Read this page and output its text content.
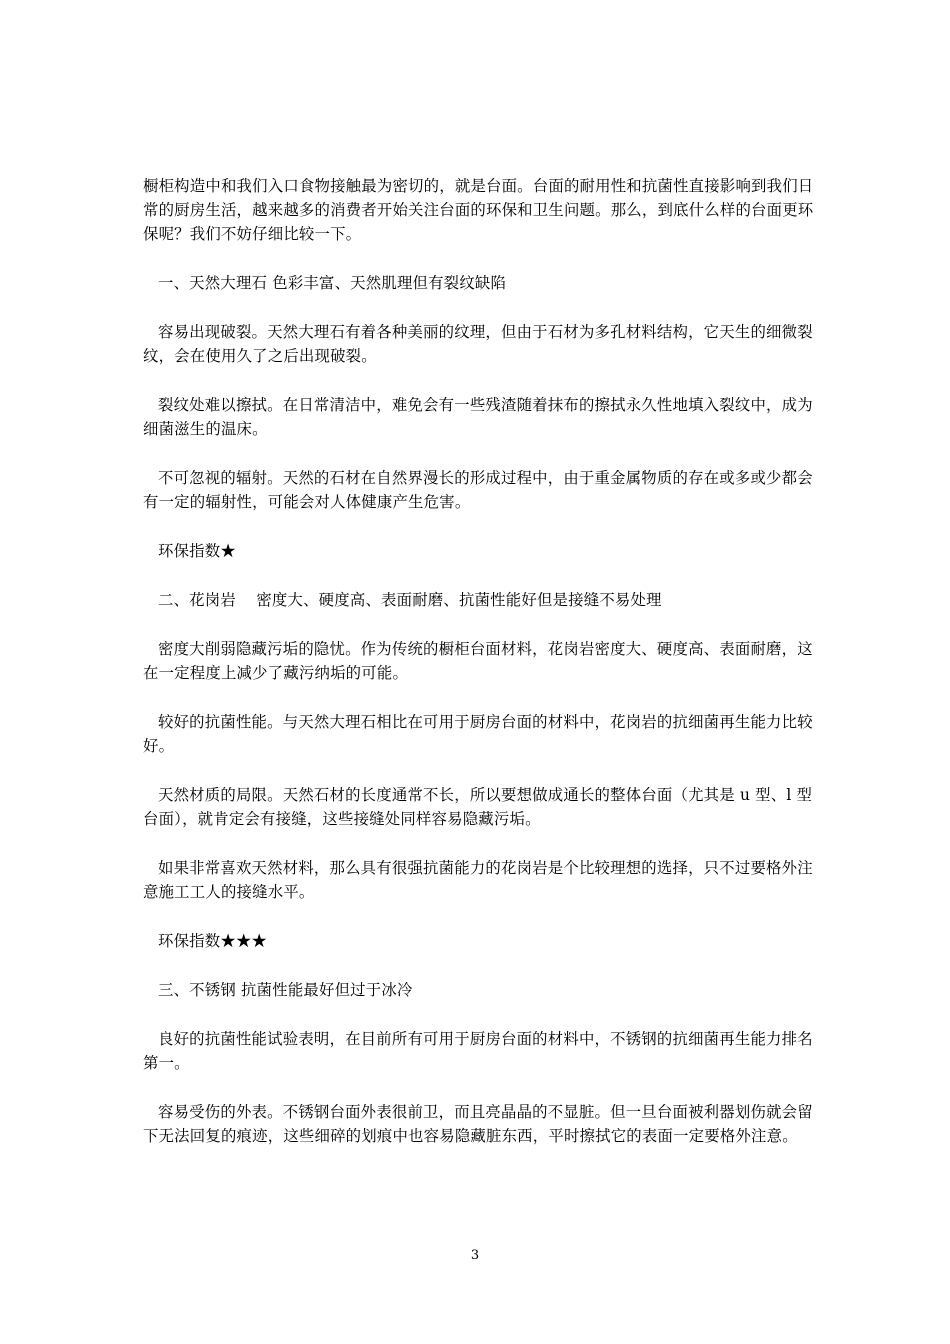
橱柜构造中和我们入口食物接触最为密切的，就是台面。台面的耐用性和抗菌性直接影响到我们日常的厨房生活，越来越多的消费者开始关注台面的环保和卫生问题。那么，到底什么样的台面更环保呢？我们不妨仔细比较一下。

一、天然大理石 色彩丰富、天然肌理但有裂纹缺陷

容易出现破裂。天然大理石有着各种美丽的纹理，但由于石材为多孔材料结构，它天生的细微裂纹，会在使用久了之后出现破裂。

裂纹处难以擦拭。在日常清洁中，难免会有一些残渣随着抹布的擦拭永久性地填入裂纹中，成为细菌滋生的温床。

不可忽视的辐射。天然的石材在自然界漫长的形成过程中，由于重金属物质的存在或多或少都会有一定的辐射性，可能会对人体健康产生危害。

环保指数★

二、花岗岩    密度大、硬度高、表面耐磨、抗菌性能好但是接缝不易处理

密度大削弱隐藏污垢的隐忧。作为传统的橱柜台面材料，花岗岩密度大、硬度高、表面耐磨，这在一定程度上减少了藏污纳垢的可能。

较好的抗菌性能。与天然大理石相比在可用于厨房台面的材料中，花岗岩的抗细菌再生能力比较好。

天然材质的局限。天然石材的长度通常不长，所以要想做成通长的整体台面（尤其是 u 型、l 型台面），就肯定会有接缝，这些接缝处同样容易隐藏污垢。

如果非常喜欢天然材料，那么具有很强抗菌能力的花岗岩是个比较理想的选择，只不过要格外注意施工工人的接缝水平。

环保指数★★★

三、不锈钢 抗菌性能最好但过于冰冷

良好的抗菌性能试验表明，在目前所有可用于厨房台面的材料中，不锈钢的抗细菌再生能力排名第一。

容易受伤的外表。不锈钢台面外表很前卫，而且亮晶晶的不显脏。但一旦台面被利器划伤就会留下无法回复的痕迹，这些细碎的划痕中也容易隐藏脏东西，平时擦拭它的表面一定要格外注意。

3
